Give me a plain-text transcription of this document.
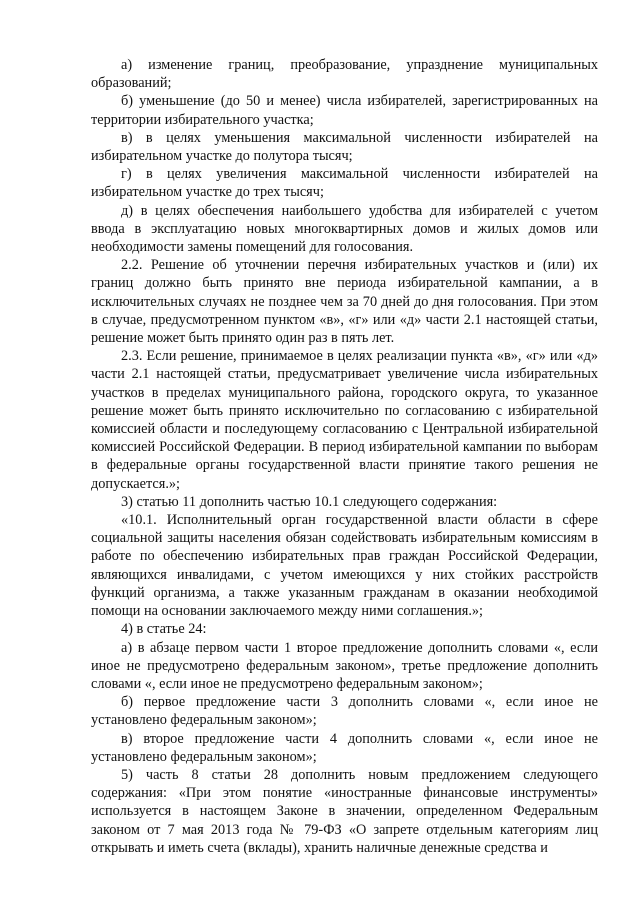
а) изменение границ, преобразование, упразднение муниципальных образований;

б) уменьшение (до 50 и менее) числа избирателей, зарегистрированных на территории избирательного участка;

в) в целях уменьшения максимальной численности избирателей на избирательном участке до полутора тысяч;

г) в целях увеличения максимальной численности избирателей на избирательном участке до трех тысяч;

д) в целях обеспечения наибольшего удобства для избирателей с учетом ввода в эксплуатацию новых многоквартирных домов и жилых домов или необходимости замены помещений для голосования.

2.2. Решение об уточнении перечня избирательных участков и (или) их границ должно быть принято вне периода избирательной кампании, а в исключительных случаях не позднее чем за 70 дней до дня голосования. При этом в случае, предусмотренном пунктом «в», «г» или «д» части 2.1 настоящей статьи, решение может быть принято один раз в пять лет.

2.3. Если решение, принимаемое в целях реализации пункта «в», «г» или «д» части 2.1 настоящей статьи, предусматривает увеличение числа избирательных участков в пределах муниципального района, городского округа, то указанное решение может быть принято исключительно по согласованию с избирательной комиссией области и последующему согласованию с Центральной избирательной комиссией Российской Федерации. В период избирательной кампании по выборам в федеральные органы государственной власти принятие такого решения не допускается.»;

3) статью 11 дополнить частью 10.1 следующего содержания:

«10.1. Исполнительный орган государственной власти области в сфере социальной защиты населения обязан содействовать избирательным комиссиям в работе по обеспечению избирательных прав граждан Российской Федерации, являющихся инвалидами, с учетом имеющихся у них стойких расстройств функций организма, а также указанным гражданам в оказании необходимой помощи на основании заключаемого между ними соглашения.»;

4) в статье 24:

а) в абзаце первом части 1 второе предложение дополнить словами «, если иное не предусмотрено федеральным законом», третье предложение дополнить словами «, если иное не предусмотрено федеральным законом»;

б) первое предложение части 3 дополнить словами «, если иное не установлено федеральным законом»;

в) второе предложение части 4 дополнить словами «, если иное не установлено федеральным законом»;

5) часть 8 статьи 28 дополнить новым предложением следующего содержания: «При этом понятие «иностранные финансовые инструменты» используется в настоящем Законе в значении, определенном Федеральным законом от 7 мая 2013 года № 79-ФЗ «О запрете отдельным категориям лиц открывать и иметь счета (вклады), хранить наличные денежные средства и
